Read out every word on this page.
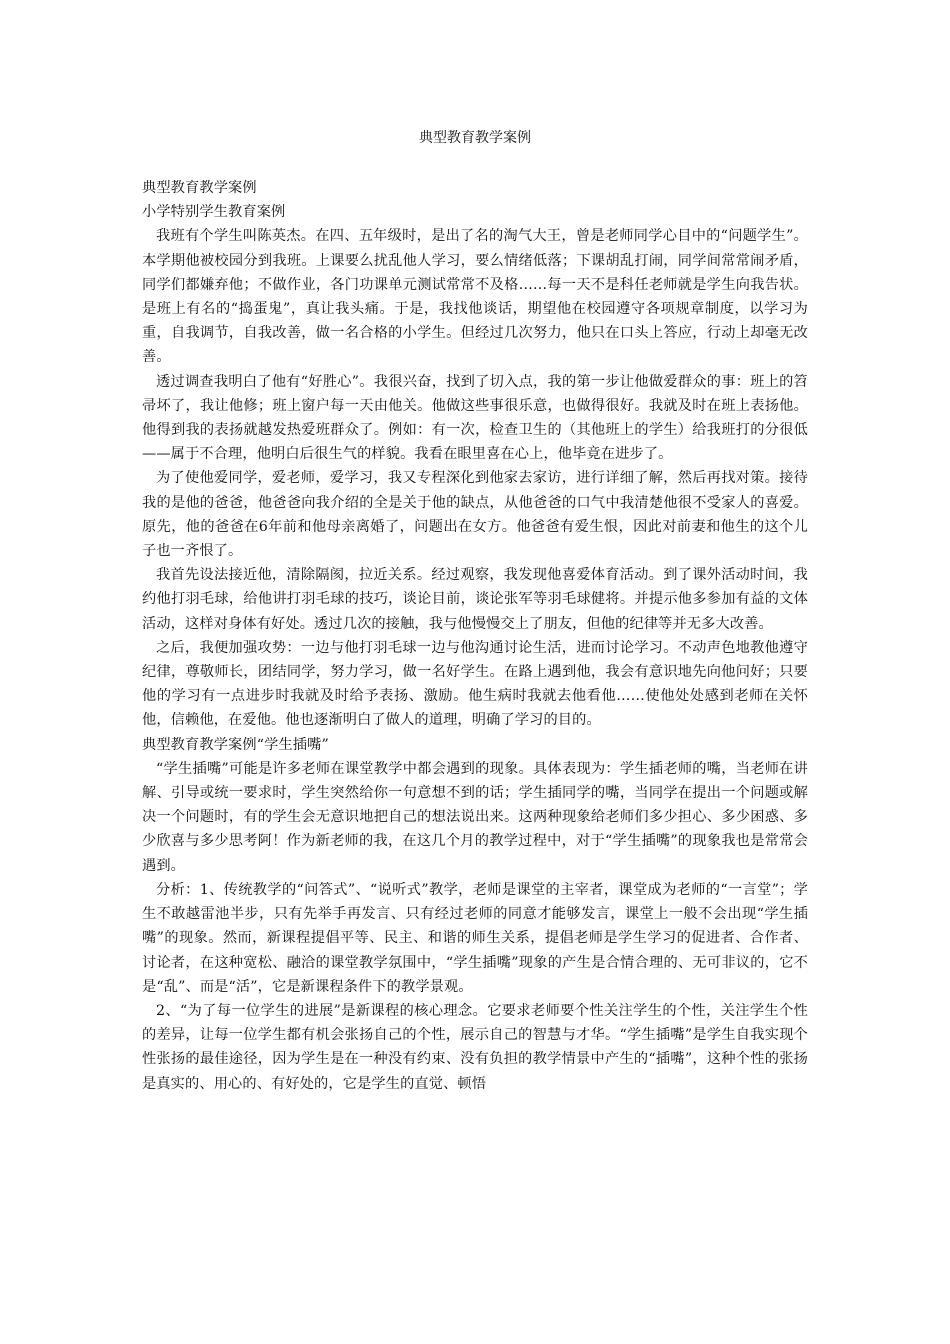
典型教育教学案例

典型教育教学案例

小学特别学生教育案例

我班有个学生叫陈英杰。在四、五年级时，是出了名的淘气大王，曾是老师同学心目中的“问题学生”。本学期他被校园分到我班。上课要么扰乱他人学习，要么情绪低落；下课胡乱打闹，同学间常常闹矛盾，同学们都嫌弃他；不做作业，各门功课单元测试常常不及格……每一天不是科任老师就是学生向我告状。是班上有名的“捣蛋鬼”，真让我头痛。于是，我找他谈话，期望他在校园遵守各项规章制度，以学习为重，自我调节，自我改善，做一名合格的小学生。但经过几次努力，他只在口头上答应，行动上却毫无改善。

透过调查我明白了他有“好胜心”。我很兴奋，找到了切入点，我的第一步让他做爱群众的事：班上的笤帚坏了，我让他修；班上窗户每一天由他关。他做这些事很乐意，也做得很好。我就及时在班上表扬他。他得到我的表扬就越发热爱班群众了。例如：有一次，检查卫生的（其他班上的学生）给我班打的分很低——属于不合理，他明白后很生气的样貌。我看在眼里喜在心上，他毕竟在进步了。

为了使他爱同学，爱老师，爱学习，我又专程深化到他家去家访，进行详细了解，然后再找对策。接待我的是他的爸爸，他爸爸向我介绍的全是关于他的缺点，从他爸爸的口气中我清楚他很不受家人的喜爱。原先，他的爸爸在6年前和他母亲离婚了，问题出在女方。他爸爸有爱生恨，因此对前妻和他生的这个儿子也一齐恨了。

我首先设法接近他，清除隔阂，拉近关系。经过观察，我发现他喜爱体育活动。到了课外活动时间，我约他打羽毛球，给他讲打羽毛球的技巧，谈论目前，谈论张军等羽毛球健将。并提示他多参加有益的文体活动，这样对身体有好处。透过几次的接触，我与他慢慢交上了朋友，但他的纪律等并无多大改善。

之后，我便加强攻势：一边与他打羽毛球一边与他沟通讨论生活，进而讨论学习。不动声色地教他遵守纪律，尊敬师长，团结同学，努力学习，做一名好学生。在路上遇到他，我会有意识地先向他问好；只要他的学习有一点进步时我就及时给予表扬、激励。他生病时我就去他看他……使他处处感到老师在关怀他，信赖他，在爱他。他也逐渐明白了做人的道理，明确了学习的目的。

典型教育教学案例“学生插嘴”

“学生插嘴”可能是许多老师在课堂教学中都会遇到的现象。具体表现为：学生插老师的嘴，当老师在讲解、引导或统一要求时，学生突然给你一句意想不到的话；学生插同学的嘴，当同学在提出一个问题或解决一个问题时，有的学生会无意识地把自己的想法说出来。这两种现象给老师们多少担心、多少困惑、多少欣喜与多少思考阿！作为新老师的我，在这几个月的教学过程中，对于“学生插嘴”的现象我也是常常会遇到。

分析：1、传统教学的“问答式”、“说听式”教学，老师是课堂的主宰者，课堂成为老师的“一言堂”；学生不敢越雷池半步，只有先举手再发言、只有经过老师的同意才能够发言，课堂上一般不会出现“学生插嘴”的现象。然而，新课程提倡平等、民主、和谐的师生关系，提倡老师是学生学习的促进者、合作者、讨论者，在这种宽松、融洽的课堂教学氛围中，“学生插嘴”现象的产生是合情合理的、无可非议的，它不是“乱”、而是“活”，它是新课程条件下的教学景观。

2、“为了每一位学生的进展”是新课程的核心理念。它要求老师要个性关注学生的个性，关注学生个性的差异，让每一位学生都有机会张扬自己的个性，展示自己的智慧与才华。“学生插嘴”是学生自我实现个性张扬的最佳途径，因为学生是在一种没有约束、没有负担的教学情景中产生的“插嘴”，这种个性的张扬是真实的、用心的、有好处的，它是学生的直觉、顿悟
